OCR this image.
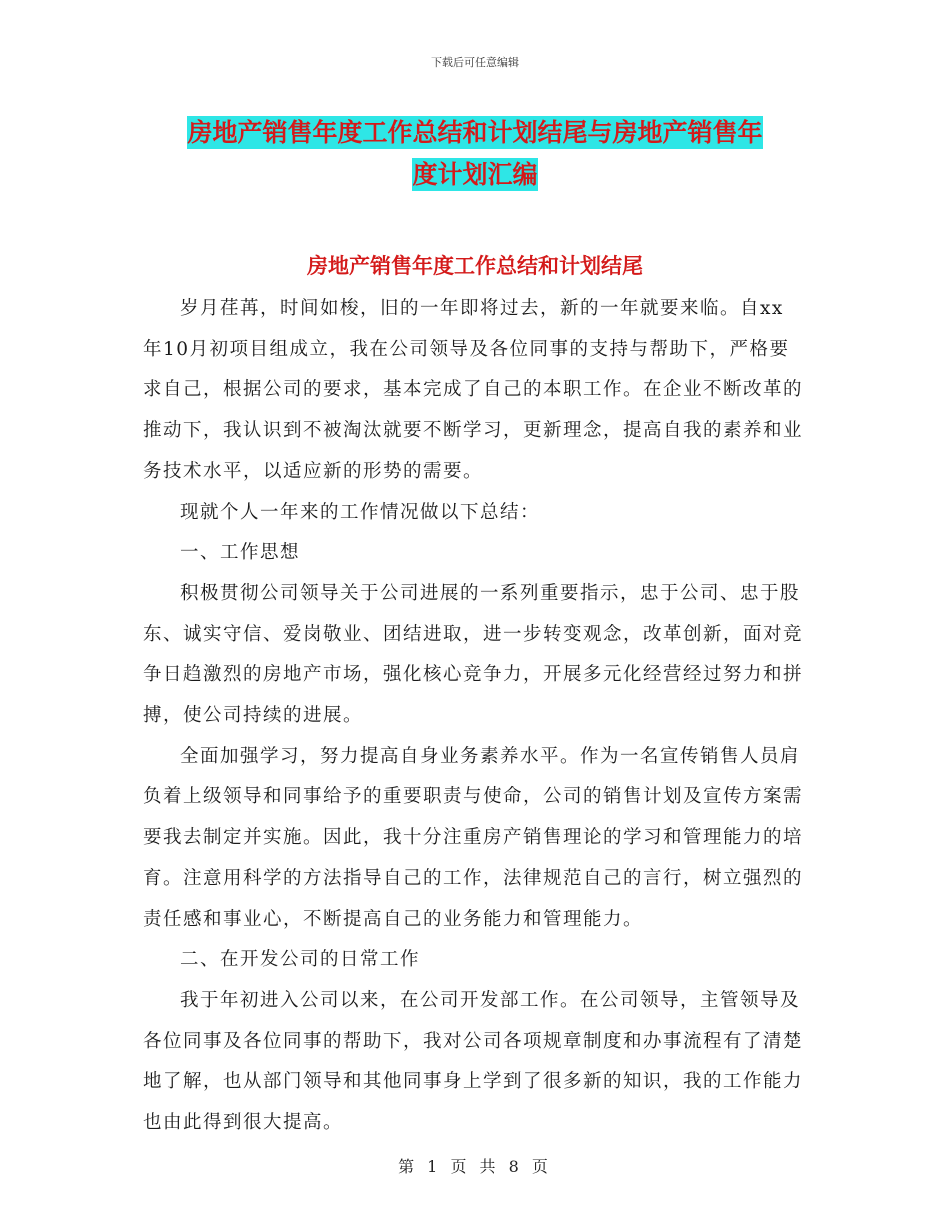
下载后可任意编辑
房地产销售年度工作总结和计划结尾与房地产销售年
度计划汇编
房地产销售年度工作总结和计划结尾

岁月荏苒，时间如梭，旧的一年即将过去，新的一年就要来临。自xx年10月初项目组成立，我在公司领导及各位同事的支持与帮助下，严格要求自己，根据公司的要求，基本完成了自己的本职工作。在企业不断改革的推动下，我认识到不被淘汰就要不断学习，更新理念，提高自我的素养和业务技术水平，以适应新的形势的需要。

现就个人一年来的工作情况做以下总结：

一、工作思想

积极贯彻公司领导关于公司进展的一系列重要指示，忠于公司、忠于股东、诚实守信、爱岗敬业、团结进取，进一步转变观念，改革创新，面对竞争日趋激烈的房地产市场，强化核心竞争力，开展多元化经营经过努力和拼搏，使公司持续的进展。

全面加强学习，努力提高自身业务素养水平。作为一名宣传销售人员肩负着上级领导和同事给予的重要职责与使命，公司的销售计划及宣传方案需要我去制定并实施。因此，我十分注重房产销售理论的学习和管理能力的培育。注意用科学的方法指导自己的工作，法律规范自己的言行，树立强烈的责任感和事业心，不断提高自己的业务能力和管理能力。

二、在开发公司的日常工作

我于年初进入公司以来，在公司开发部工作。在公司领导，主管领导及各位同事及各位同事的帮助下，我对公司各项规章制度和办事流程有了清楚地了解，也从部门领导和其他同事身上学到了很多新的知识，我的工作能力也由此得到很大提高。

第 1 页 共 8 页
